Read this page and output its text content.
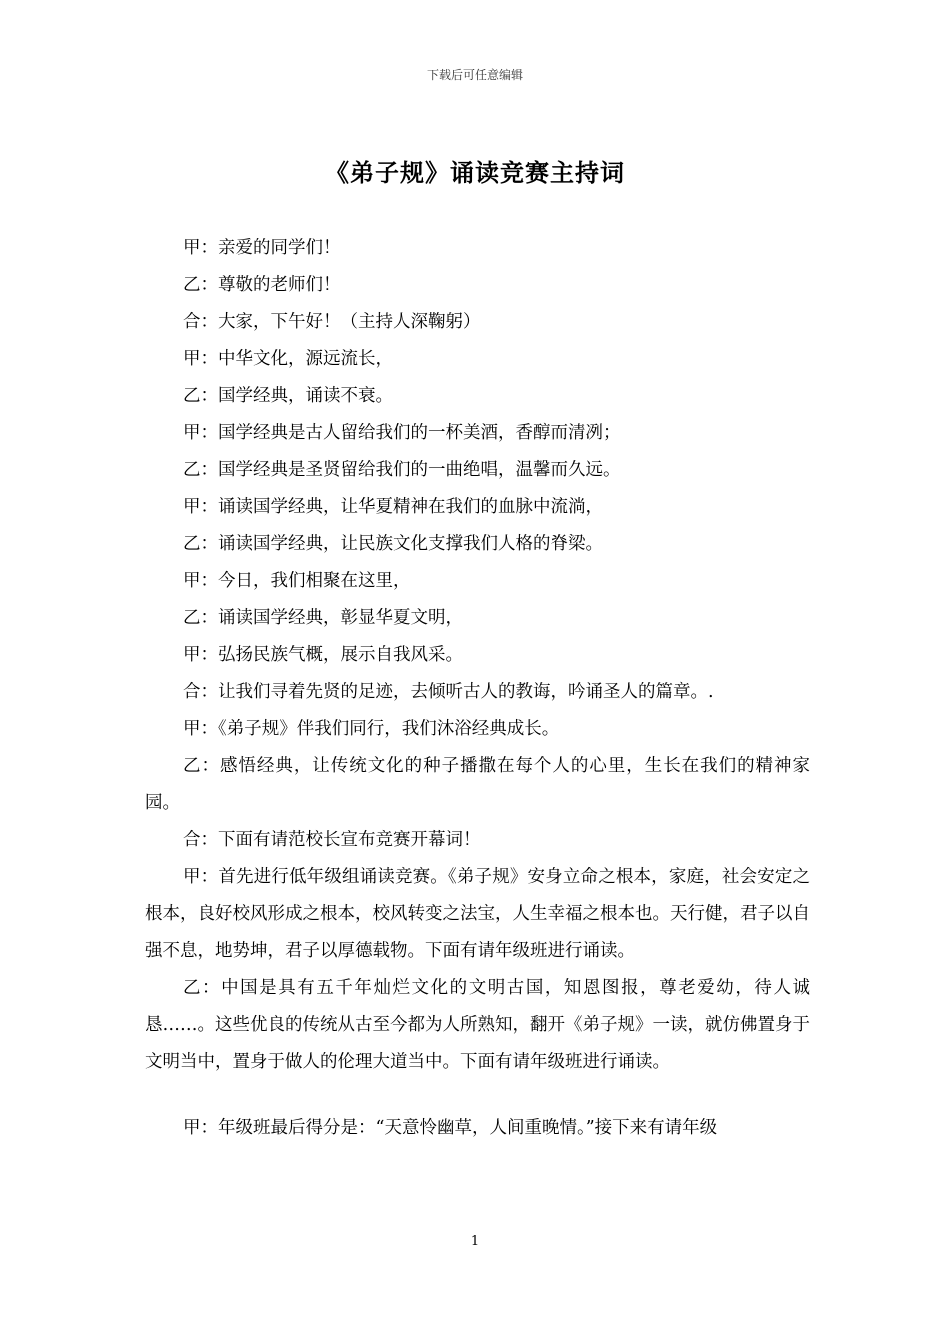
下载后可任意编辑
《弟子规》诵读竞赛主持词

甲：亲爱的同学们！

乙：尊敬的老师们！

合：大家，下午好！（主持人深鞠躬）

甲：中华文化，源远流长，

乙：国学经典，诵读不衰。

甲：国学经典是古人留给我们的一杯美酒，香醇而清冽；

乙：国学经典是圣贤留给我们的一曲绝唱，温馨而久远。

甲：诵读国学经典，让华夏精神在我们的血脉中流淌，

乙：诵读国学经典，让民族文化支撑我们人格的脊梁。

甲：今日，我们相聚在这里，

乙：诵读国学经典，彰显华夏文明，

甲：弘扬民族气概，展示自我风采。

合：让我们寻着先贤的足迹，去倾听古人的教诲，吟诵圣人的篇章。.

甲：《弟子规》伴我们同行，我们沐浴经典成长。

乙：感悟经典，让传统文化的种子播撒在每个人的心里，生长在我们的精神家园。

合：下面有请范校长宣布竞赛开幕词！

甲：首先进行低年级组诵读竞赛。《弟子规》安身立命之根本，家庭，社会安定之根本，良好校风形成之根本，校风转变之法宝，人生幸福之根本也。天行健，君子以自强不息，地势坤，君子以厚德载物。下面有请年级班进行诵读。

乙：中国是具有五千年灿烂文化的文明古国，知恩图报，尊老爱幼，待人诚恳……。这些优良的传统从古至今都为人所熟知，翻开《弟子规》一读，就仿佛置身于文明当中，置身于做人的伦理大道当中。下面有请年级班进行诵读。

甲：年级班最后得分是：“天意怜幽草，人间重晚情。”接下来有请年级

1
